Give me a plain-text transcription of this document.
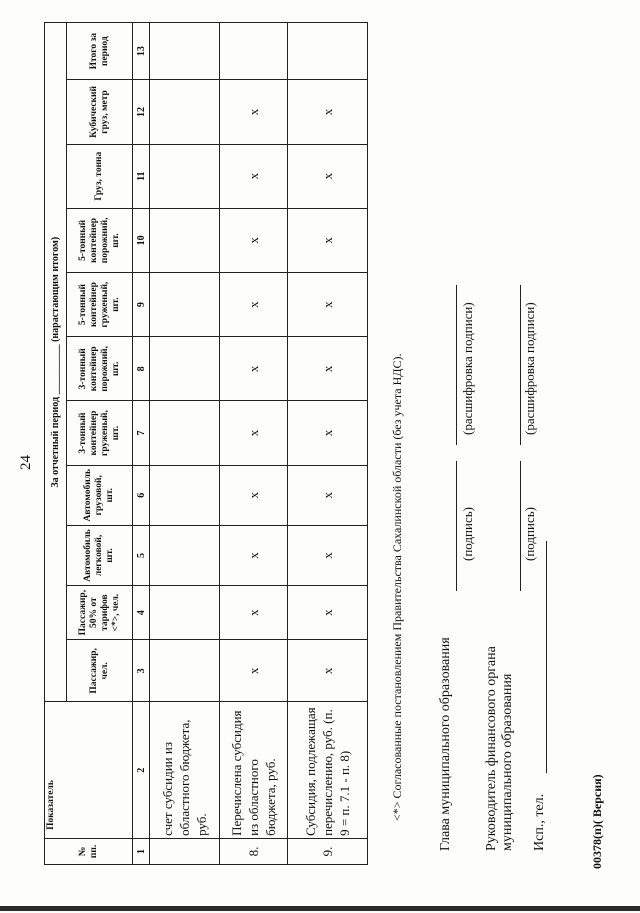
24
№ пп.	Показатель	За отчетный период __________ (нарастающим итогом)										
		Пассажир, чел.	Пассажир, 50% от тарифов <*>, чел.	Автомобиль легковой, шт.	Автомобиль грузовой, шт.	3-тонный контейнер груженый, шт.	3-тонный контейнер порожний, шт.	5-тонный контейнер груженый, шт.	5-тонный контейнер порожний, шт.	Груз, тонна	Кубический груз, метр	Итого за период
1	2	3	4	5	6	7	8	9	10	11	12	13
	счет субсидии из областного бюджета, руб.											
8.	Перечислена субсидия из областного бюджета, руб.	x	x	x	x	x	x	x	x	x	x	
9.	Субсидия, подлежащая перечислению, руб. (п. 9 = п. 7.1 - п. 8)	x	x	x	x	x	x	x	x	x	x	
<*> Согласованные постановлением Правительства Сахалинской области (без учета НДС). Глава муниципального образования
(подпись)
(расшифровка подписи)
Руководитель финансового органа муниципального образования
(подпись)
(расшифровка подписи)
Исп., тел.	00378(п)( Версия)
